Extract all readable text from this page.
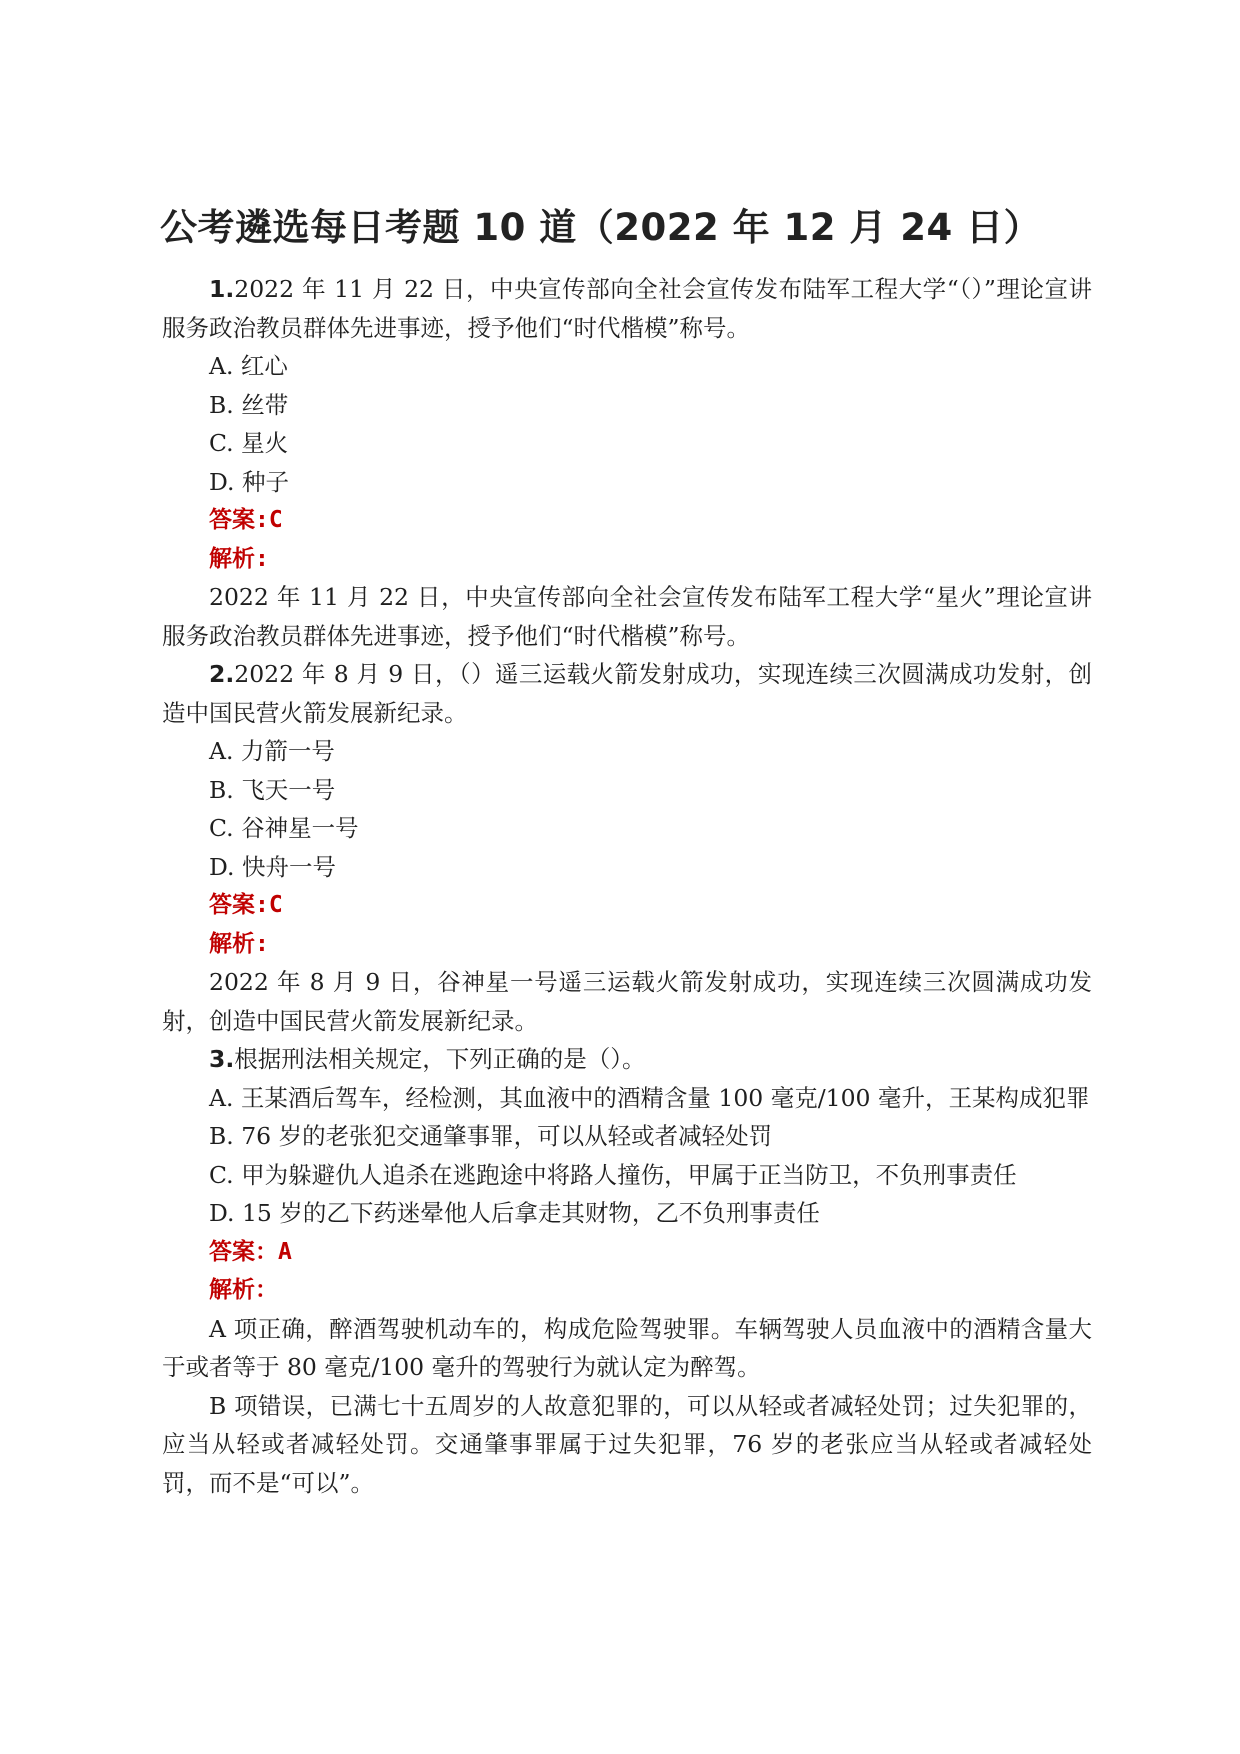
公考遴选每日考题 10 道（2022 年 12 月 24 日）

1.2022 年 11 月 22 日，中央宣传部向全社会宣传发布陆军工程大学“（）”理论宣讲服务政治教员群体先进事迹，授予他们“时代楷模”称号。

A. 红心

B. 丝带

C. 星火

D. 种子

答案:C

解析:

2022 年 11 月 22 日，中央宣传部向全社会宣传发布陆军工程大学“星火”理论宣讲服务政治教员群体先进事迹，授予他们“时代楷模”称号。

2.2022 年 8 月 9 日，（）遥三运载火箭发射成功，实现连续三次圆满成功发射，创造中国民营火箭发展新纪录。

A. 力箭一号

B. 飞天一号

C. 谷神星一号

D. 快舟一号

答案:C

解析:

2022 年 8 月 9 日，谷神星一号遥三运载火箭发射成功，实现连续三次圆满成功发射，创造中国民营火箭发展新纪录。

3.根据刑法相关规定，下列正确的是（）。

A. 王某酒后驾车，经检测，其血液中的酒精含量 100 毫克/100 毫升，王某构成犯罪

B. 76 岁的老张犯交通肇事罪，可以从轻或者减轻处罚

C. 甲为躲避仇人追杀在逃跑途中将路人撞伤，甲属于正当防卫，不负刑事责任

D. 15 岁的乙下药迷晕他人后拿走其财物，乙不负刑事责任

答案：A

解析：

A 项正确，醉酒驾驶机动车的，构成危险驾驶罪。车辆驾驶人员血液中的酒精含量大于或者等于 80 毫克/100 毫升的驾驶行为就认定为醉驾。

B 项错误，已满七十五周岁的人故意犯罪的，可以从轻或者减轻处罚；过失犯罪的，应当从轻或者减轻处罚。交通肇事罪属于过失犯罪，76 岁的老张应当从轻或者减轻处罚，而不是“可以”。
